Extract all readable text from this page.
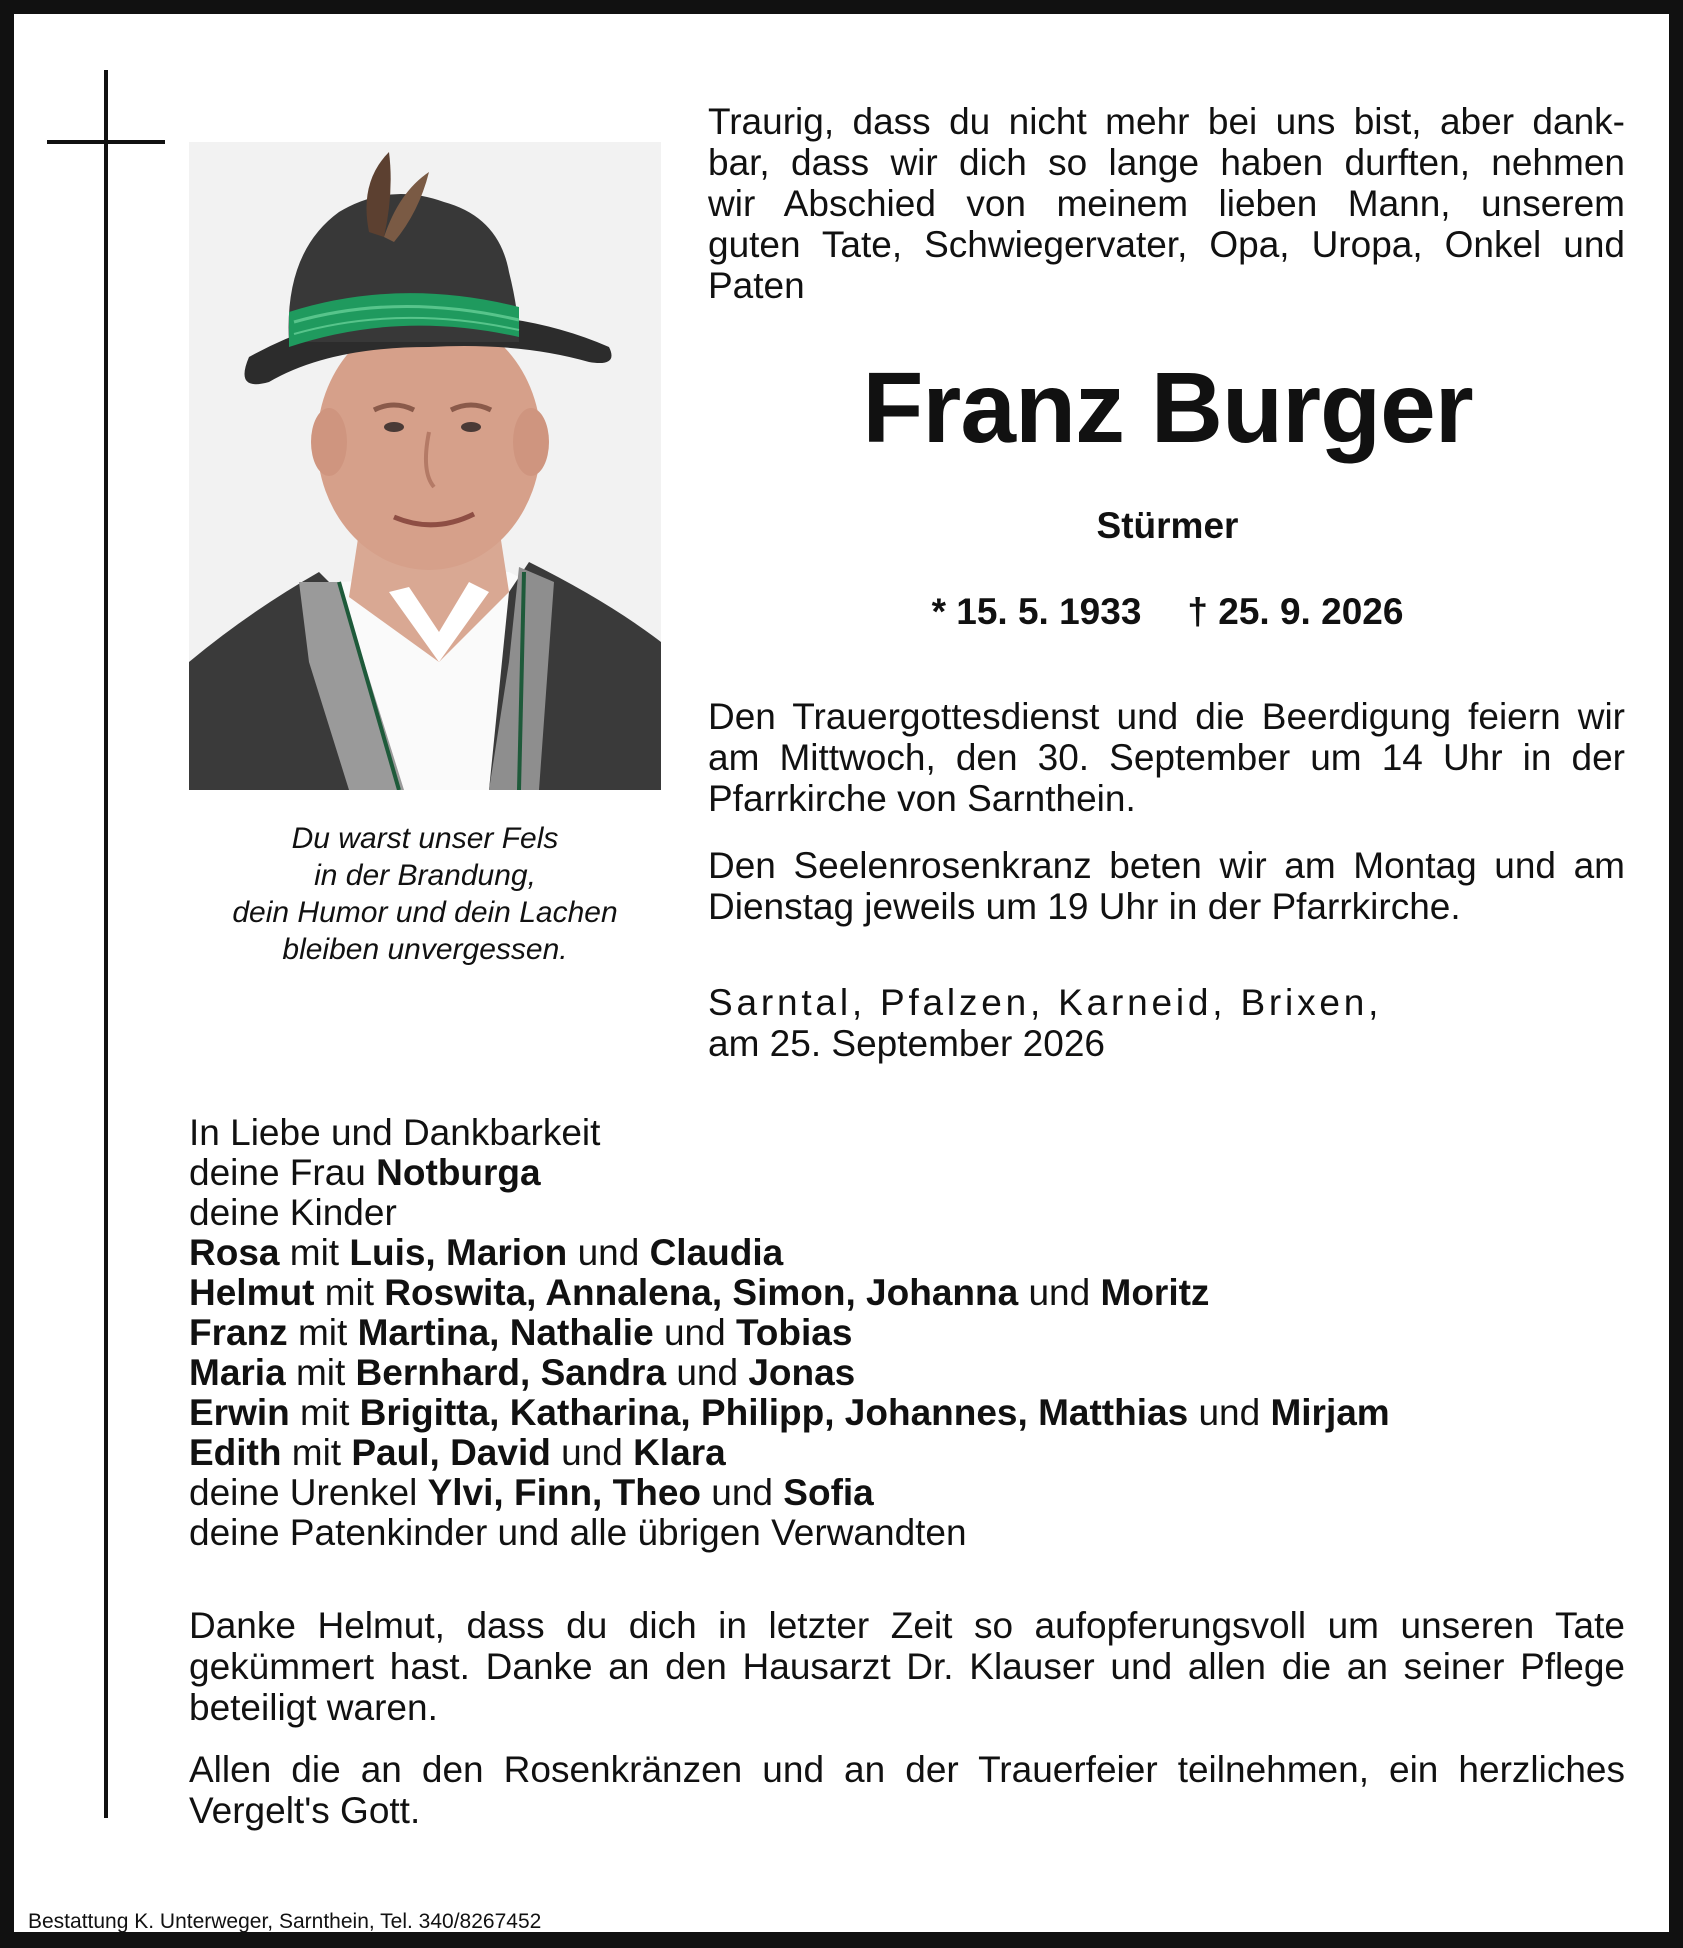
Du warst unser Fels
in der Brandung,
dein Humor und dein Lachen
bleiben unvergessen.
Traurig, dass du nicht mehr bei uns bist, aber dank-
bar, dass wir dich so lange haben durften, nehmen
wir Abschied von meinem lieben Mann, unserem
guten Tate, Schwiegervater, Opa, Uropa, Onkel und
Paten
Franz Burger
Stürmer
* 15. 5. 1933 † 25. 9. 2026
Den Trauergottesdienst und die Beerdigung feiern wir am Mittwoch, den 30. September um 14 Uhr in der Pfarrkirche von Sarnthein.
Den Seelenrosenkranz beten wir am Montag und am Dienstag jeweils um 19 Uhr in der Pfarrkirche.
Sarntal, Pfalzen, Karneid, Brixen,
am 25. September 2026
In Liebe und Dankbarkeit
deine Frau Notburga
deine Kinder
Rosa mit Luis, Marion und Claudia
Helmut mit Roswita, Annalena, Simon, Johanna und Moritz
Franz mit Martina, Nathalie und Tobias
Maria mit Bernhard, Sandra und Jonas
Erwin mit Brigitta, Katharina, Philipp, Johannes, Matthias und Mirjam
Edith mit Paul, David und Klara
deine Urenkel Ylvi, Finn, Theo und Sofia
deine Patenkinder und alle übrigen Verwandten
Danke Helmut, dass du dich in letzter Zeit so aufopferungsvoll um unseren Tate gekümmert hast. Danke an den Hausarzt Dr. Klauser und allen die an seiner Pflege beteiligt waren.
Allen die an den Rosenkränzen und an der Trauerfeier teilnehmen, ein herzliches Vergelt's Gott.
Bestattung K. Unterweger, Sarnthein, Tel. 340/8267452
